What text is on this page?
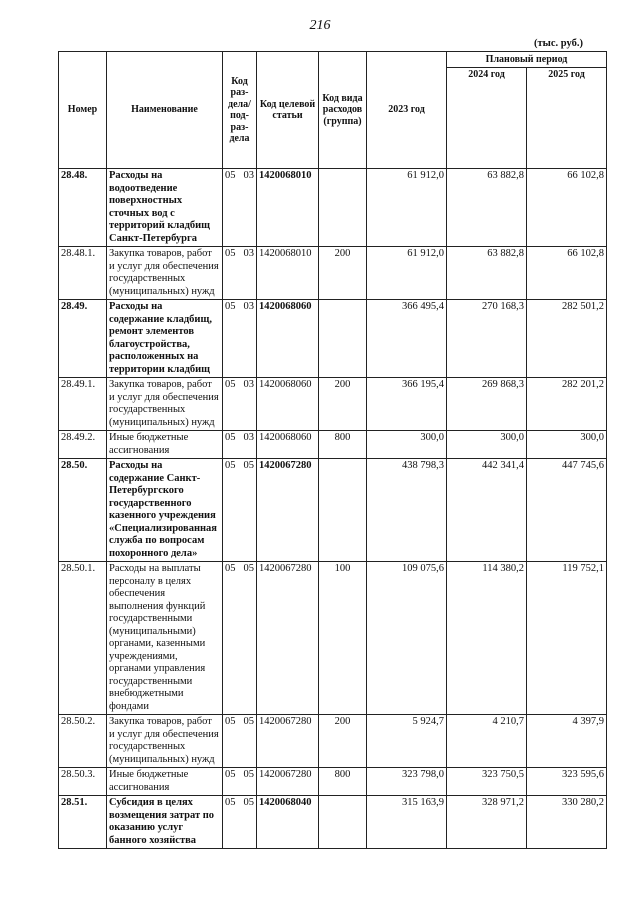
216
(тыс. руб.)
Номер	Наименование	Код раз-дела/ под-раз-дела	Код целевой статьи	Код вида расходов (группа)	2023 год	Плановый период	
						2024 год	2025 год
28.48.	Расходы на водоотведение поверхностных сточных вод с территорий кладбищ Санкт-Петербурга	05 03	1420068010		61 912,0	63 882,8	66 102,8
28.48.1.	Закупка товаров, работ и услуг для обеспечения государственных (муниципальных) нужд	05 03	1420068010	200	61 912,0	63 882,8	66 102,8
28.49.	Расходы на содержание кладбищ, ремонт элементов благоустройства, расположенных на территории кладбищ	05 03	1420068060		366 495,4	270 168,3	282 501,2
28.49.1.	Закупка товаров, работ и услуг для обеспечения государственных (муниципальных) нужд	05 03	1420068060	200	366 195,4	269 868,3	282 201,2
28.49.2.	Иные бюджетные ассигнования	05 03	1420068060	800	300,0	300,0	300,0
28.50.	Расходы на содержание Санкт-Петербургского государственного казенного учреждения «Специализированная служба по вопросам похоронного дела»	05 05	1420067280		438 798,3	442 341,4	447 745,6
28.50.1.	Расходы на выплаты персоналу в целях обеспечения выполнения функций государственными (муниципальными) органами, казенными учреждениями, органами управления государственными внебюджетными фондами	05 05	1420067280	100	109 075,6	114 380,2	119 752,1
28.50.2.	Закупка товаров, работ и услуг для обеспечения государственных (муниципальных) нужд	05 05	1420067280	200	5 924,7	4 210,7	4 397,9
28.50.3.	Иные бюджетные ассигнования	05 05	1420067280	800	323 798,0	323 750,5	323 595,6
28.51.	Субсидия в целях возмещения затрат по оказанию услуг банного хозяйства	05 05	1420068040		315 163,9	328 971,2	330 280,2
